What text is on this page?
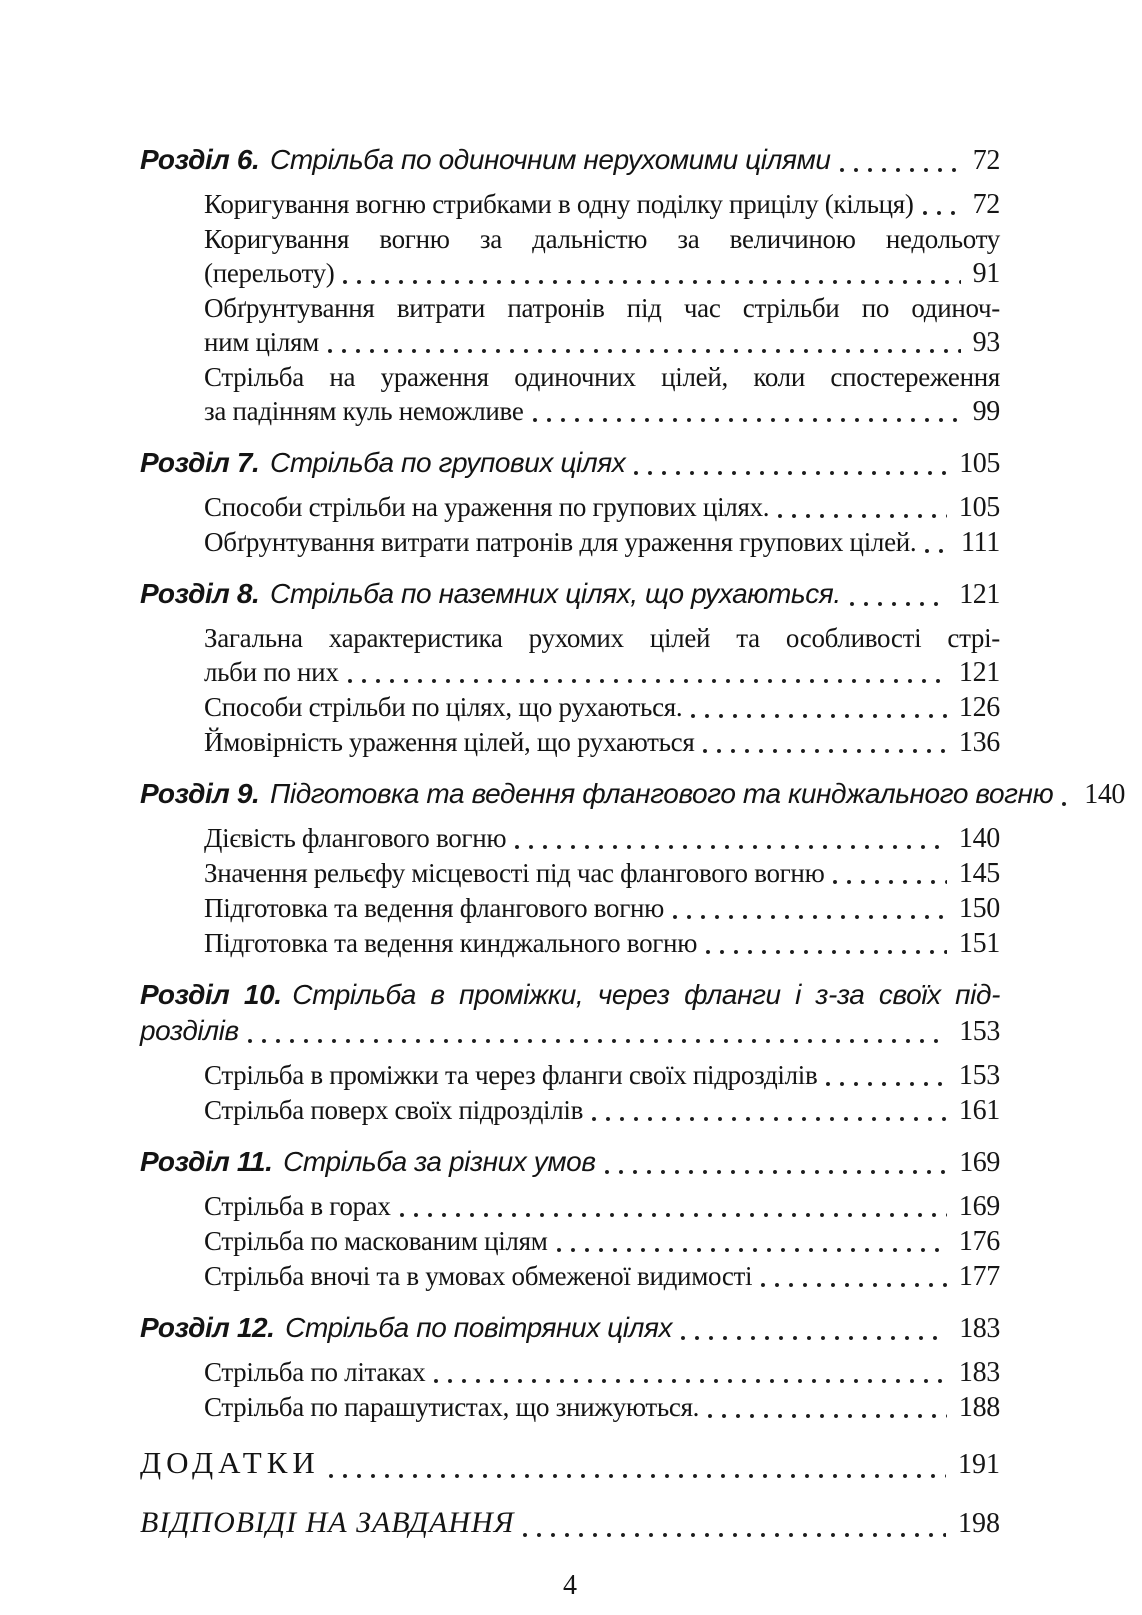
Розділ 6. Стрільба по одиночним нерухомими цілями	72
Коригування вогню стрибками в одну поділку прицілу (кільця) 72
Коригування вогню за дальністю за величиною недольоту
(перельоту)	91
Обґрунтування витрати патронів під час стрільби по одиноч-
ним цілям	93
Стрільба на ураження одиночних цілей, коли спостереження
за падінням куль неможливе	99
Розділ 7. Стрільба по групових цілях	105
Способи стрільби на ураження по групових цілях.	105
Обґрунтування витрати патронів для ураження групових цілей. 111
Розділ 8. Стрільба по наземних цілях, що рухаються.	121
Загальна характеристика рухомих цілей та особливості стрі-
льби по них	121
Способи стрільби по цілях, що рухаються.	126
Ймовірність ураження цілей, що рухаються	136
Розділ 9. Підготовка та ведення флангового та кинджального вогню 140
Дієвість флангового вогню	140
Значення рельєфу місцевості під час флангового вогню	145
Підготовка та ведення флангового вогню	150
Підготовка та ведення кинджального вогню	151
Розділ 10. Стрільба в проміжки, через фланги і з-за своїх під-
розділів	153
Стрільба в проміжки та через фланги своїх підрозділів	153
Стрільба поверх своїх підрозділів	161
Розділ 11. Стрільба за різних умов	169
Стрільба в горах	169
Стрільба по маскованим цілям	176
Стрільба вночі та в умовах обмеженої видимості	177
Розділ 12. Стрільба по повітряних цілях	183
Стрільба по літаках	183
Стрільба по парашутистах, що знижуються.	188
ДОДАТКИ	191
ВІДПОВІДІ НА ЗАВДАННЯ	198
4
